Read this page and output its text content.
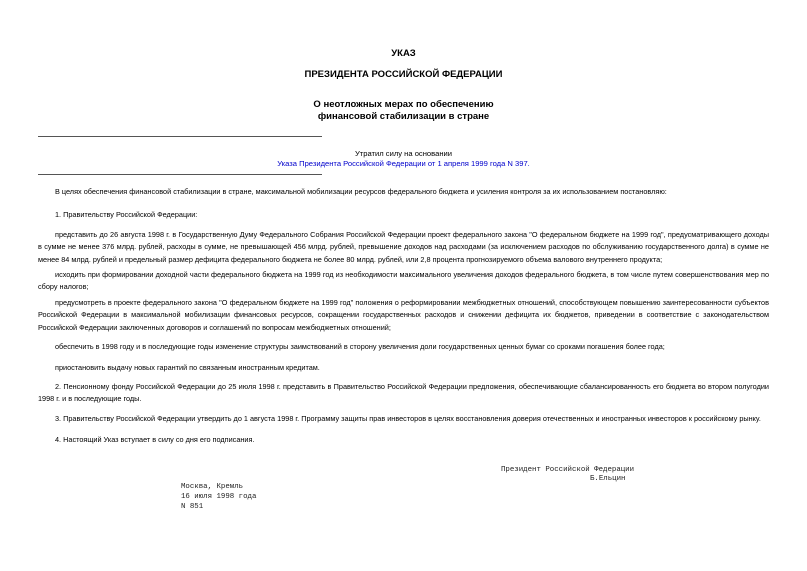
УКАЗ
ПРЕЗИДЕНТА РОССИЙСКОЙ ФЕДЕРАЦИИ
О неотложных мерах по обеспечению
финансовой стабилизации в стране
Утратил силу на основании
Указа Президента Российской Федерации от 1 апреля 1999 года N 397.
В целях обеспечения финансовой стабилизации в стране, максимальной мобилизации ресурсов федерального бюджета и усиления контроля за их использованием постановляю:
1. Правительству Российской Федерации:
представить до 26 августа 1998 г. в Государственную Думу Федерального Собрания Российской Федерации проект федерального закона "О федеральном бюджете на 1999 год", предусматривающего доходы в сумме не менее 376 млрд. рублей, расходы в сумме, не превышающей 456 млрд. рублей, превышение доходов над расходами (за исключением расходов по обслуживанию государственного долга) в сумме не менее 84 млрд. рублей и предельный размер дефицита федерального бюджета не более 80 млрд. рублей, или 2,8 процента прогнозируемого объема валового внутреннего продукта;
исходить при формировании доходной части федерального бюджета на 1999 год из необходимости максимального увеличения доходов федерального бюджета, в том числе путем совершенствования мер по сбору налогов;
предусмотреть в проекте федерального закона "О федеральном бюджете на 1999 год" положения о реформировании межбюджетных отношений, способствующем повышению заинтересованности субъектов Российской Федерации в максимальной мобилизации финансовых ресурсов, сокращении государственных расходов и снижении дефицита их бюджетов, приведении в соответствие с законодательством Российской Федерации заключенных договоров и соглашений по вопросам межбюджетных отношений;
обеспечить в 1998 году и в последующие годы изменение структуры заимствований в сторону увеличения доли государственных ценных бумаг со сроками погашения более года;
приостановить выдачу новых гарантий по связанным иностранным кредитам.
2. Пенсионному фонду Российской Федерации до 25 июля 1998 г. представить в Правительство Российской Федерации предложения, обеспечивающие сбалансированность его бюджета во втором полугодии 1998 г. и в последующие годы.
3. Правительству Российской Федерации утвердить до 1 августа 1998 г. Программу защиты прав инвесторов в целях восстановления доверия отечественных и иностранных инвесторов к российскому рынку.
4. Настоящий Указ вступает в силу со дня его подписания.
Президент Российской Федерации
Б.Ельцин
Москва, Кремль
16 июля 1998 года
N 851
